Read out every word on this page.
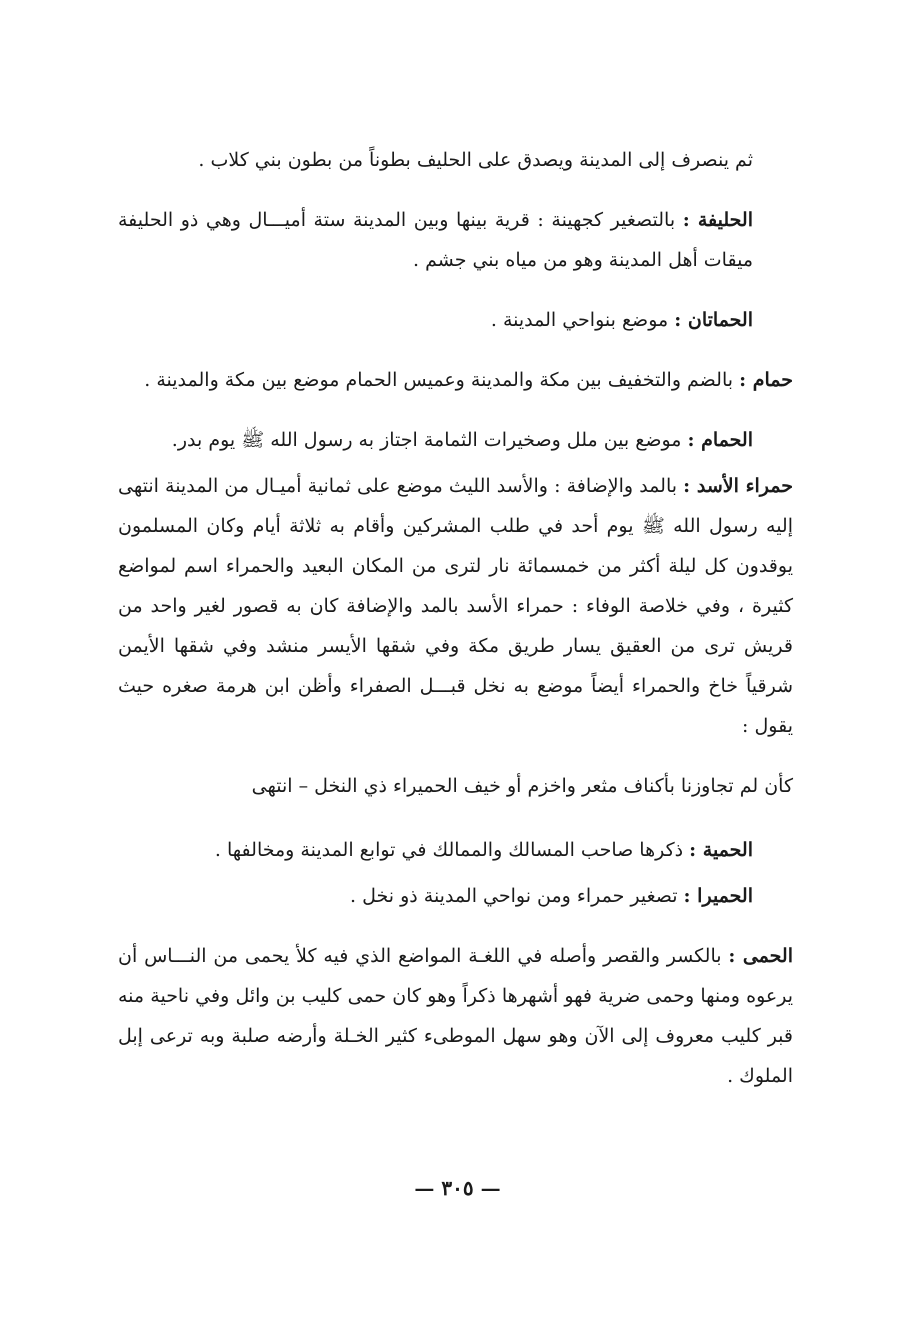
ثم ينصرف إلى المدينة ويصدق على الحليف بطوناً من بطون بني كلاب .

الحليفة : بالتصغير كجهينة : قرية بينها وبين المدينة ستة أميـــال وهي ذو الحليفة ميقات أهل المدينة وهو من مياه بني جشم .

الحماتان : موضع بنواحي المدينة .

حمام : بالضم والتخفيف بين مكة والمدينة وعميس الحمام موضع بين مكة والمدينة .

الحمام : موضع بين ملل وصخيرات الثمامة اجتاز به رسول الله ﷺ يوم بدر.

حمراء الأسد : بالمد والإضافة : والأسد الليث موضع على ثمانية أميـال من المدينة انتهى إليه رسول الله ﷺ يوم أحد في طلب المشركين وأقام به ثلاثة أيام وكان المسلمون يوقدون كل ليلة أكثر من خمسمائة نار لترى من المكان البعيد والحمراء اسم لمواضع كثيرة ، وفي خلاصة الوفاء : حمراء الأسد بالمد والإضافة كان به قصور لغير واحد من قريش ترى من العقيق يسار طريق مكة وفي شقها الأيسر منشد وفي شقها الأيمن شرقياً خاخ والحمراء أيضاً موضع به نخل قبـــل الصفراء وأظن ابن هرمة صغره حيث يقول :

كأن لم تجاوزنا بأكناف مثعر واخزم أو خيف الحميراء ذي النخل – انتهى

الحمية : ذكرها صاحب المسالك والممالك في توابع المدينة ومخالفها .

الحميرا : تصغير حمراء ومن نواحي المدينة ذو نخل .

الحمى : بالكسر والقصر وأصله في اللغـة المواضع الذي فيه كلأ يحمى من النـــاس أن يرعوه ومنها وحمى ضرية فهو أشهرها ذكراً وهو كان حمى كليب بن وائل وفي ناحية منه قبر كليب معروف إلى الآن وهو سهل الموطىء كثير الخـلة وأرضه صلبة وبه ترعى إبل الملوك .

— ٣٠٥ —
